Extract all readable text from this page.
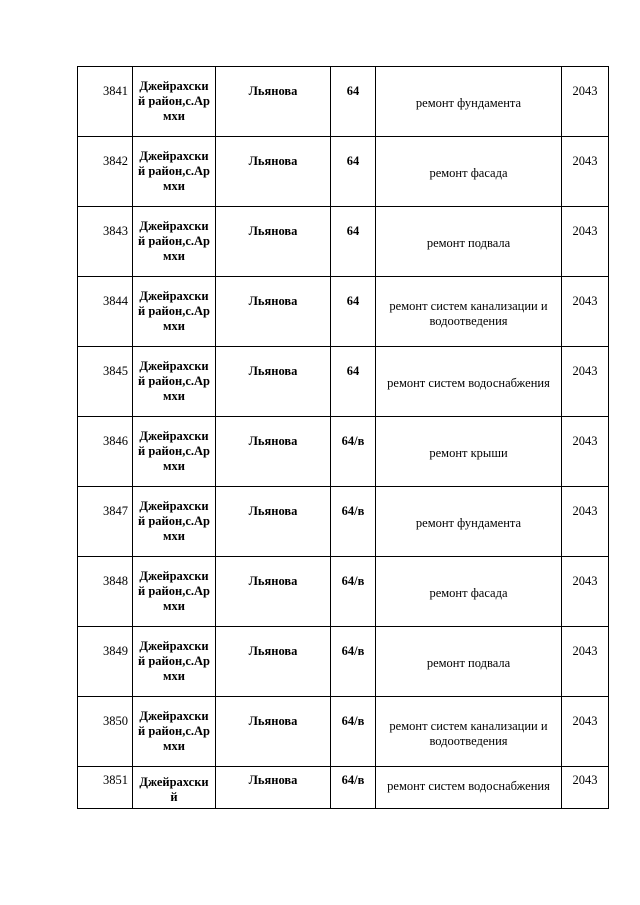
3841	Джейрахский район,с.Армхи	Льянова	64	ремонт фундамента	2043

3842	Джейрахский район,с.Армхи	Льянова	64	ремонт фасада	2043

3843	Джейрахский район,с.Армхи	Льянова	64	ремонт подвала	2043

3844	Джейрахский район,с.Армхи	Льянова	64	ремонт систем канализации и водоотведения	2043

3845	Джейрахский район,с.Армхи	Льянова	64	ремонт систем водоснабжения	2043

3846	Джейрахский район,с.Армхи	Льянова	64/в	ремонт крыши	2043

3847	Джейрахский район,с.Армхи	Льянова	64/в	ремонт фундамента	2043

3848	Джейрахский район,с.Армхи	Льянова	64/в	ремонт фасада	2043

3849	Джейрахский район,с.Армхи	Льянова	64/в	ремонт подвала	2043

3850	Джейрахский район,с.Армхи	Льянова	64/в	ремонт систем канализации и водоотведения	2043

3851	Джейрахский	Льянова	64/в	ремонт систем водоснабжения	2043
